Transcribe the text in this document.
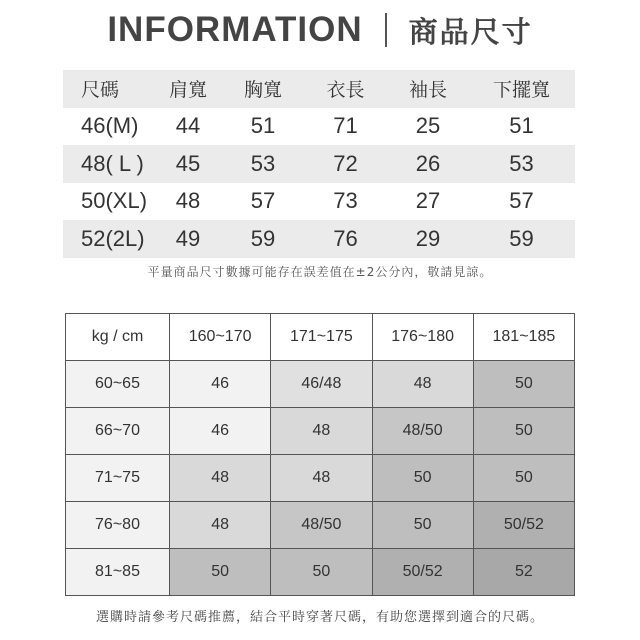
INFORMATION 商品尺寸
尺碼	肩寬	胸寬	衣長	袖長	下擺寬
46(M)	44	51	71	25	51
48( L )	45	53	72	26	53
50(XL)	48	57	73	27	57
52(2L)	49	59	76	29	59
平量商品尺寸數據可能存在誤差值在±2公分內，敬請見諒。
kg / cm	160~170	171~175	176~180	181~185
60~65	46	46/48	48	50
66~70	46	48	48/50	50
71~75	48	48	50	50
76~80	48	48/50	50	50/52
81~85	50	50	50/52	52
選購時請參考尺碼推薦，結合平時穿著尺碼，有助您選擇到適合的尺碼。
